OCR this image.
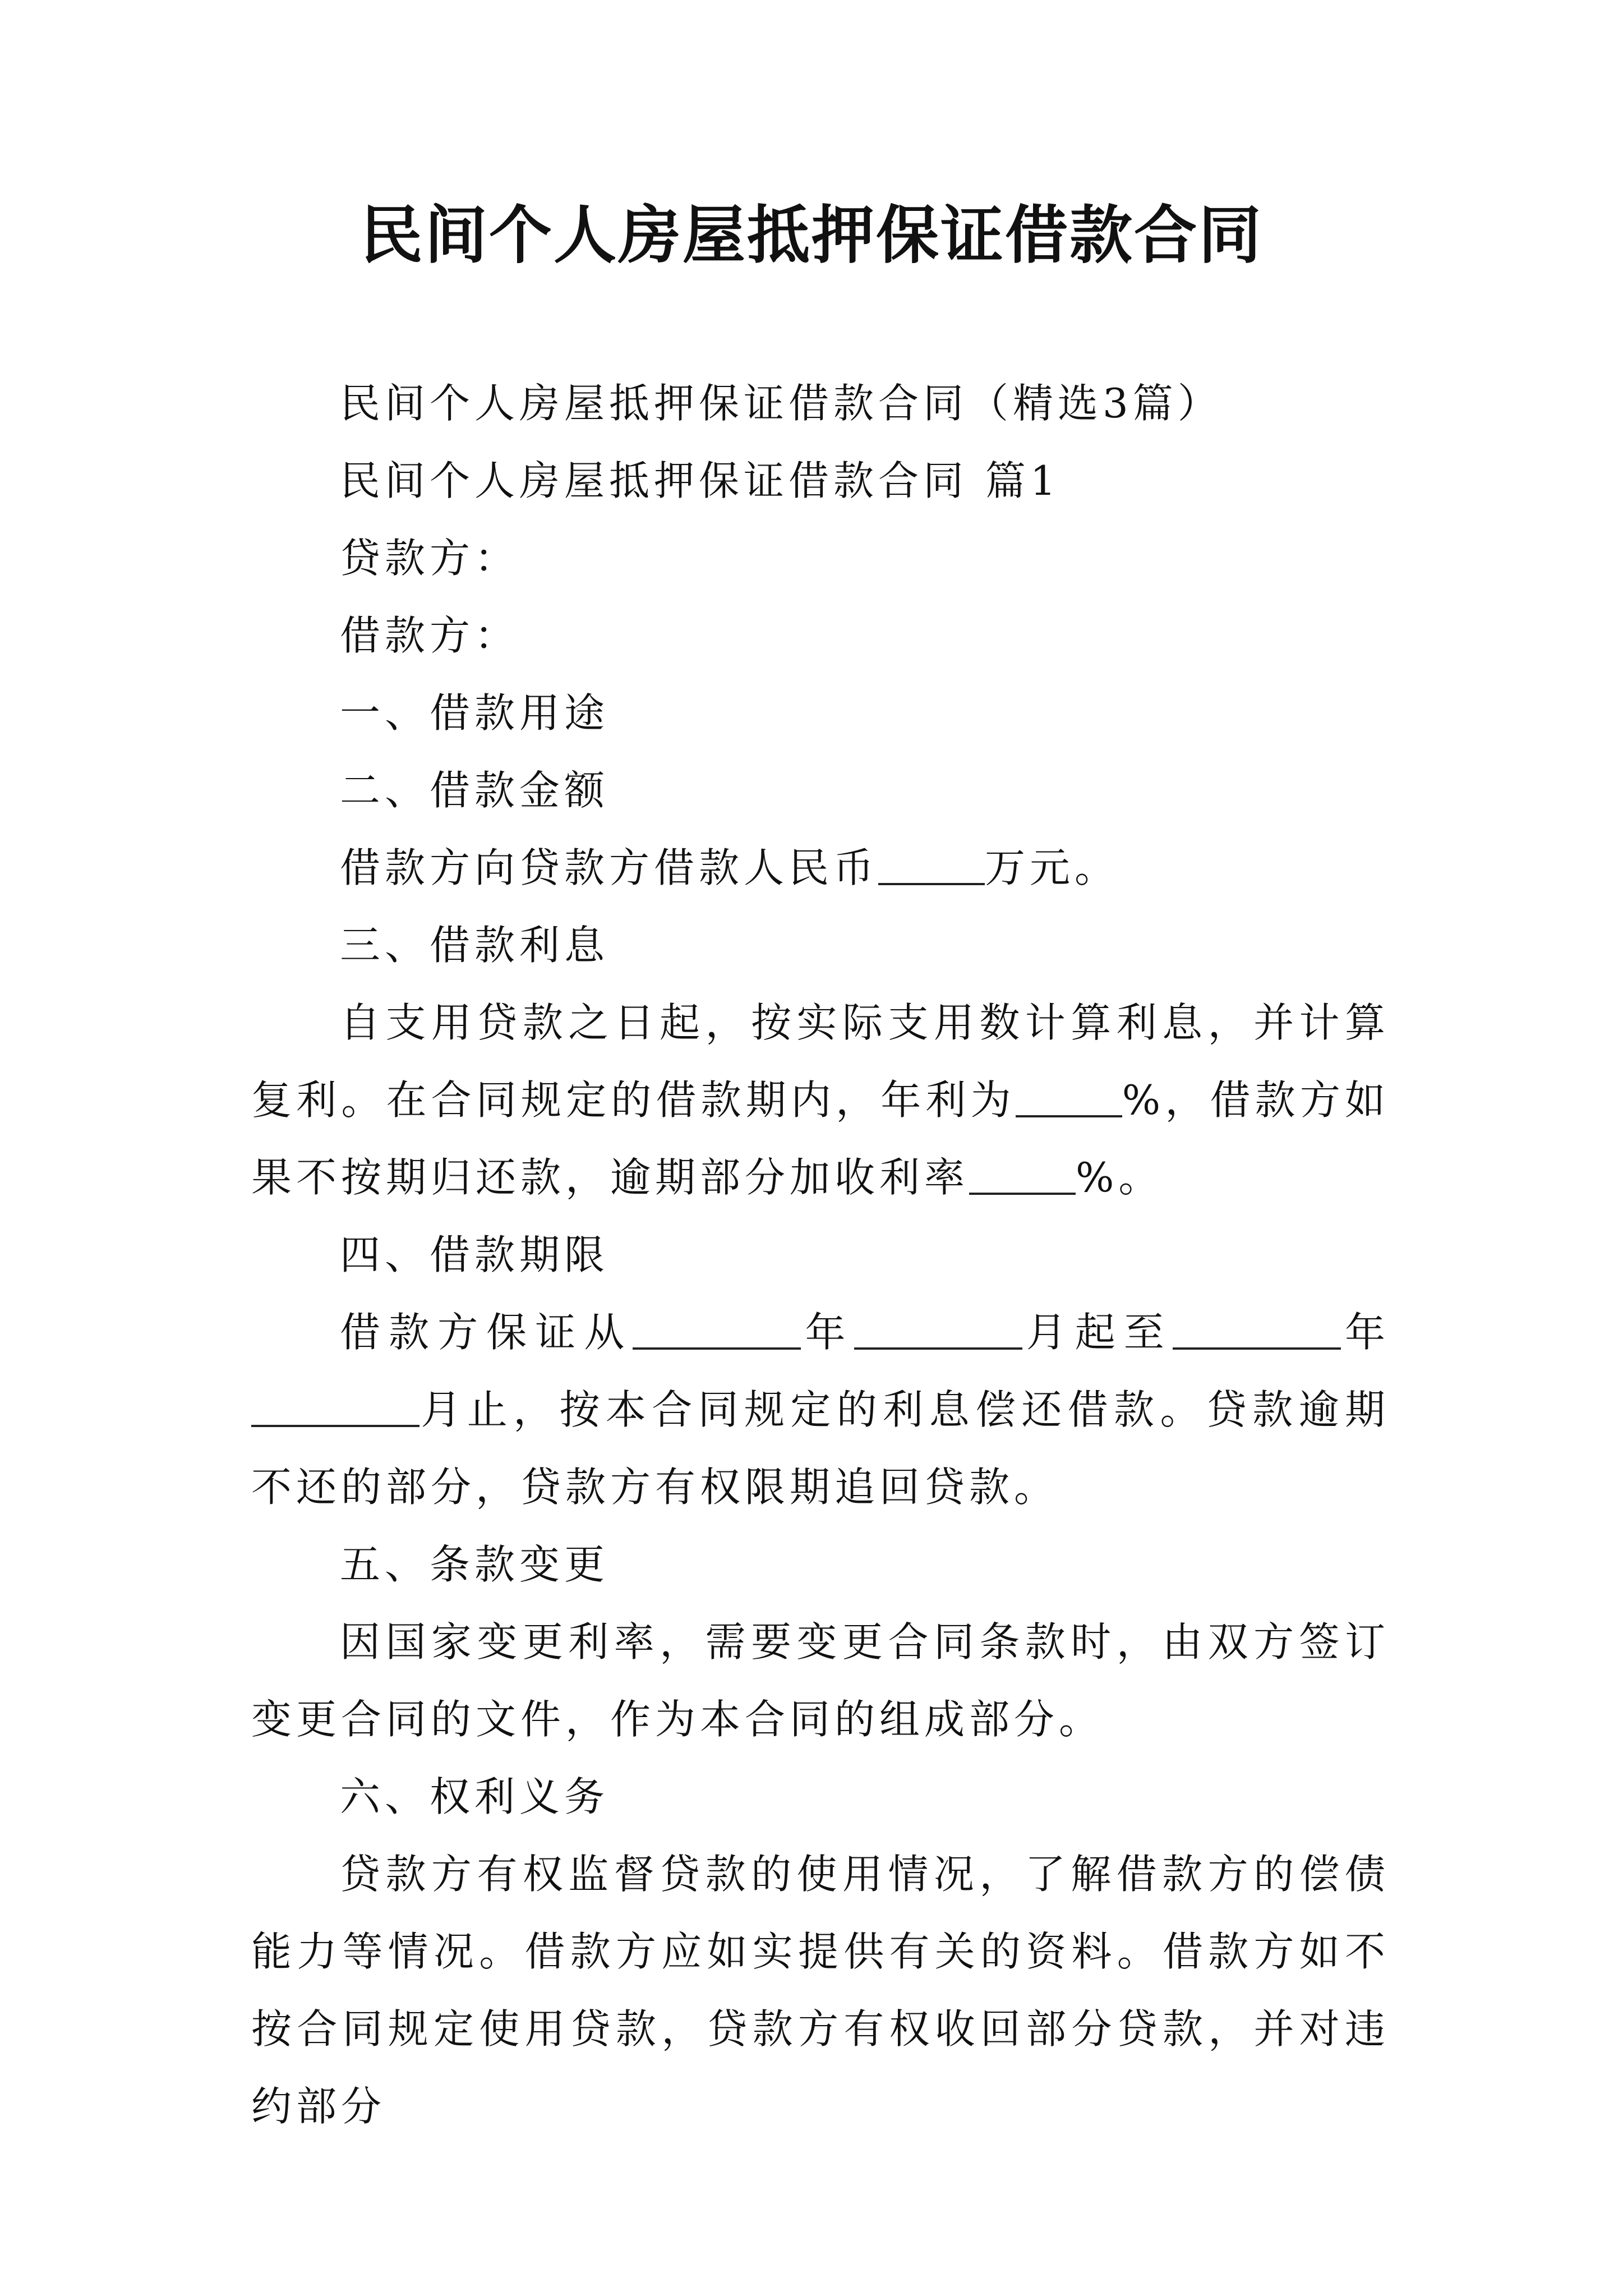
民间个人房屋抵押保证借款合同

民间个人房屋抵押保证借款合同（精选3篇）

民间个人房屋抵押保证借款合同 篇1

贷款方：

借款方：

一、借款用途

二、借款金额

借款方向贷款方借款人民币	万元。

三、借款利息

自支用贷款之日起，按实际支用数计算利息，并计算复利。在合同规定的借款期内，年利为	%，借款方如果不按期归还款，逾期部分加收利率	%。

四、借款期限

借款方保证从	年	月起至	年月止，按本合同规定的利息偿还借款。贷款逾期不还的部分，贷款方有权限期追回贷款。

五、条款变更

因国家变更利率，需要变更合同条款时，由双方签订变更合同的文件，作为本合同的组成部分。

六、权利义务

贷款方有权监督贷款的使用情况，了解借款方的偿债能力等情况。借款方应如实提供有关的资料。借款方如不按合同规定使用贷款，贷款方有权收回部分贷款，并对违约部分
